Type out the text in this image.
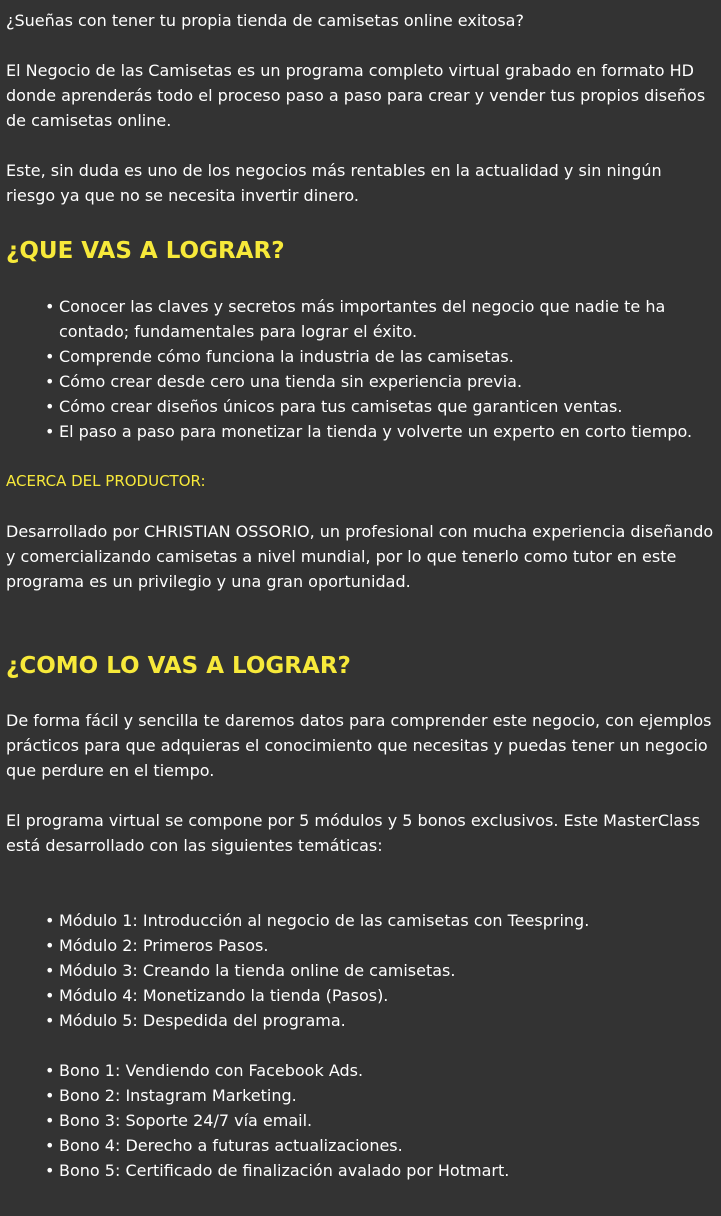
¿Sueñas con tener tu propia tienda de camisetas online exitosa?

El Negocio de las Camisetas es un programa completo virtual grabado en formato HD donde aprenderás todo el proceso paso a paso para crear y vender tus propios diseños de camisetas online.

Este, sin duda es uno de los negocios más rentables en la actualidad y sin ningún riesgo ya que no se necesita invertir dinero.

¿QUE VAS A LOGRAR?
• Conocer las claves y secretos más importantes del negocio que nadie te ha contado; fundamentales para lograr el éxito.
• Comprende cómo funciona la industria de las camisetas.
• Cómo crear desde cero una tienda sin experiencia previa.
• Cómo crear diseños únicos para tus camisetas que garanticen ventas.
• El paso a paso para monetizar la tienda y volverte un experto en corto tiempo.

ACERCA DEL PRODUCTOR:

Desarrollado por CHRISTIAN OSSORIO, un profesional con mucha experiencia diseñando y comercializando camisetas a nivel mundial, por lo que tenerlo como tutor en este programa es un privilegio y una gran oportunidad.

¿COMO LO VAS A LOGRAR?

De forma fácil y sencilla te daremos datos para comprender este negocio, con ejemplos prácticos para que adquieras el conocimiento que necesitas y puedas tener un negocio que perdure en el tiempo.

El programa virtual se compone por 5 módulos y 5 bonos exclusivos. Este MasterClass está desarrollado con las siguientes temáticas:

• Módulo 1: Introducción al negocio de las camisetas con Teespring.
• Módulo 2: Primeros Pasos.
• Módulo 3: Creando la tienda online de camisetas.
• Módulo 4: Monetizando la tienda (Pasos).
• Módulo 5: Despedida del programa.
• Bono 1: Vendiendo con Facebook Ads.
• Bono 2: Instagram Marketing.
• Bono 3: Soporte 24/7 vía email.
• Bono 4: Derecho a futuras actualizaciones.
• Bono 5: Certificado de finalización avalado por Hotmart.
